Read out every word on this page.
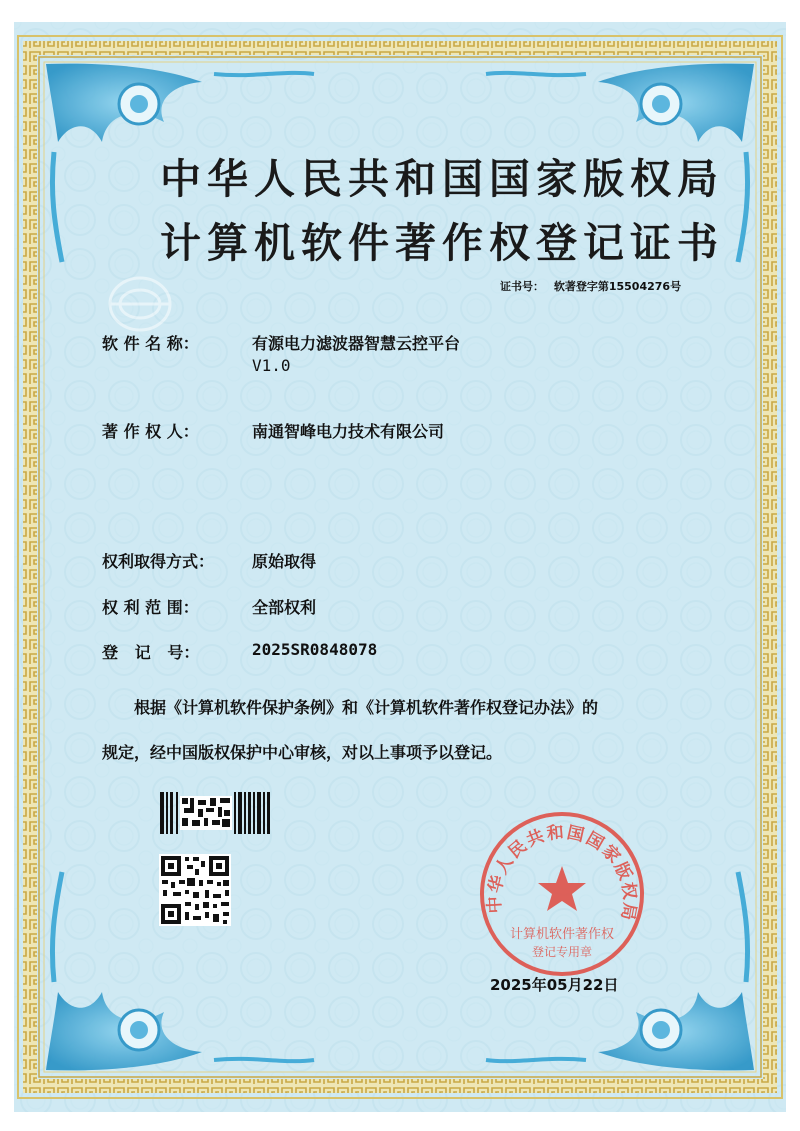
中华人民共和国国家版权局
计算机软件著作权
登记专用章
中华人民共和国国家版权局
计算机软件著作权登记证书
证书号： 软著登字第15504276号
软 件 名 称：	有源电力滤波器智慧云控平台
V1.0
著 作 权 人：	南通智峰电力技术有限公司
权利取得方式： 原始取得
权 利 范 围：	全部权利
登   记   号：	2025SR0848078
根据《计算机软件保护条例》和《计算机软件著作权登记办法》的
规定，经中国版权保护中心审核，对以上事项予以登记。
2025年05月22日
